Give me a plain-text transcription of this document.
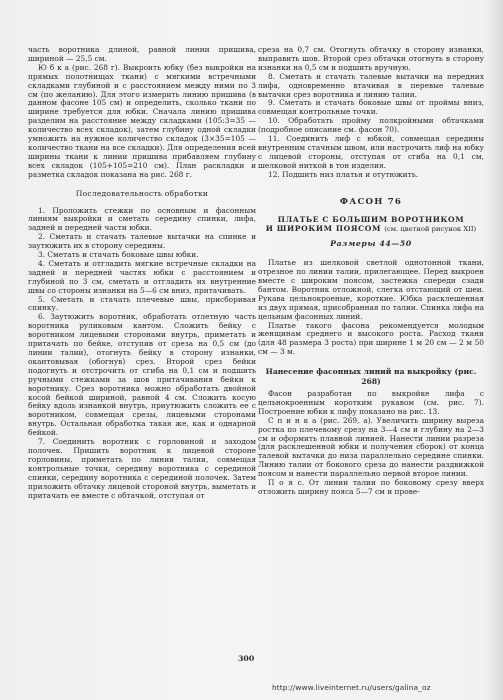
часть воротника длиной, равной линии пришива, шириной — 25,5 см.

Ю б к а (рис. 268 г). Выкроить юбку (без выкройки на прямых полотнищах ткани) с мягкими встречными складками глубиной и с расстоянием между ними по 3 см (по желанию). Для этого измерить линию пришива (в данном фасоне 105 см) и определить, сколько ткани по ширине требуется для юбки. Сначала линию пришива разделим на расстояние между складками (105:3=35 — количество всех складок), затем глубину одной складки умножить на нужное количество складок (3×35=105 — количество ткани на все складки). Для определения всей ширины ткани к линии пришива прибавляем глубину всех складок (105+105=210 см). План раскладки и разметка складок показана на рис. 268 г.

Последовательность обработки

1. Проложить стежки по основным и фасонным линиям выкройки и сметать середину спинки, лифа, задней и передней части юбки.

2. Сметать и стачать талевые вытачки на спинке и заутюжить их в сторону середины.

3. Сметать и стачать боковые швы юбки.

4. Сметать и отгладить мягкие встречные складки на задней и передней частях юбки с расстоянием и глубиной по 3 см, сметать и отгладить их внутренние швы со стороны изнанки на 5—6 см вниз, притачивать.

5. Сметать и стачать плечевые швы, присборивая спинку.

6. Заутюжить воротник, обработать отлетную часть воротника руликовым кантом. Сложить бейку с воротником лицевыми сторонами внутрь, приметать и притачать по бейке, отступив от среза на 0,5 см (до линии талии), отогнуть бейку в сторону изнанки, окантовывая (обогнув) срез. Второй срез бейки подогнуть и отстрочить от сгиба на 0,1 см и подшить ручными стежками за шов притачивания бейки к воротнику. Срез воротника можно обработать двойной косой бейкой шириной, равной 4 см. Сложить косую бейку вдоль изнанкой внутрь, приутюжить сложить ее с воротником, совмещая срезы, лицевыми сторонами внутрь. Остальная обработка такая же, как и однарной бейкой.

7. Соединить воротник с горловиной и заходом полочек. Пришить воротник к лицевой стороне горловины, приметать по линии талии, совмещая контрольные точки, середину воротника с серединой спинки, середину воротника с серединой полочек. Затем приложить обтачку лицевой стороной внутрь, выметать и притачать ее вместе с обтачкой, отступая от

среза на 0,7 см. Отогнуть обтачку в сторону изнанки, выправить шов. Второй срез обтачки отогнуть в сторону изнанки на 0,5 см и подшить вручную.

8. Сметать и стачать талевые вытачки на передних лифа, одновременно втачивая в перевые талевые вытачки срез воротника и линию талии.

9. Сметать и стачать боковые швы от проймы вниз, совмещая контрольные точки.

10. Обработать пройму полкройными обтачками (подробное описание см. фасон 70).

11. Соединить лиф с юбкой, совмещая середины внутренним стачным швом, или настрочить лиф на юбку с лицевой стороны, отступая от сгиба на 0,1 см, шелковой ниткой в тон изделия.

12. Подшить низ платья и отутюжить.

ФАСОН 76

ПЛАТЬЕ С БОЛЬШИМ ВОРОТНИКОМ
И ШИРОКИМ ПОЯСОМ (см. цветной рисунок XII)

Размеры 44—50

Платье из шелковой светлой однотонной ткани, отрезное по линии талии, прилегающее. Перед выкроен вместе с широким поясом, застежка спереди сзади бантом. Воротник отложной, слегка отстающий от шеи. Рукава цельнокроеные, короткие. Юбка расклешенная из двух прямая, присобранная по талии. Спинка лифа на цельным фасонных линий.

Платье такого фасона рекомендуется молодым женщинам среднего и высокого роста. Расход ткани (для 48 размера 3 роста) при ширине 1 м 20 см — 2 м 50 см — 3 м.

Нанесение фасонных линий на выкройку (рис. 268)

Фасон разработан по выкройке лифа с цельнокроенным коротким рукавом (см. рис. 7). Построение юбки к лифу показано на рис. 13.

С п и н к а (рис. 269, а). Увеличить ширину выреза ростка по плечевому срезу на 3—4 см и глубину на 2—3 см и оформить плавной линией. Нанести линии разреза (для расклешенной юбки и получения сборок) от конца талевой вытачки до низа параллельно середине спинки. Линию талии от бокового среза до нанести раздвижкой поясом и нанести параллельно первой второе линии.

П о я с. От линии талии по боковому срезу вверх отложить ширину пояса 5—7 см и прове-

300
http://www.liveinternet.ru/users/galina_oz
